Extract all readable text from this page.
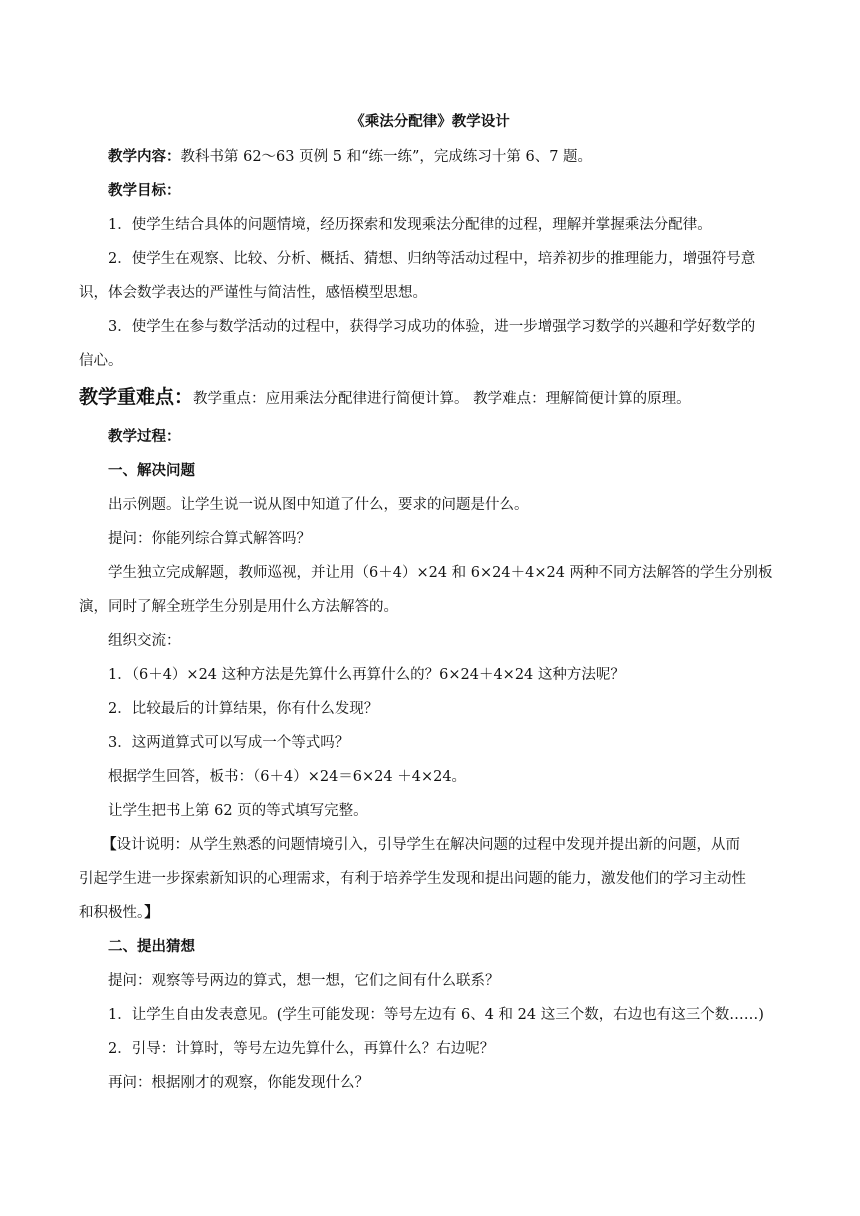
《乘法分配律》教学设计
教学内容：教科书第 62～63 页例 5 和“练一练”，完成练习十第 6、7 题。
教学目标：
1．使学生结合具体的问题情境，经历探索和发现乘法分配律的过程，理解并掌握乘法分配律。
2．使学生在观察、比较、分析、概括、猜想、归纳等活动过程中，培养初步的推理能力，增强符号意
识，体会数学表达的严谨性与简洁性，感悟模型思想。
3．使学生在参与数学活动的过程中，获得学习成功的体验，进一步增强学习数学的兴趣和学好数学的
信心。
教学重难点：教学重点：应用乘法分配律进行简便计算。 教学难点：理解简便计算的原理。
教学过程：
一、解决问题
出示例题。让学生说一说从图中知道了什么，要求的问题是什么。
提问：你能列综合算式解答吗？
学生独立完成解题，教师巡视，并让用（6＋4）×24 和 6×24＋4×24 两种不同方法解答的学生分别板
演，同时了解全班学生分别是用什么方法解答的。
组织交流：
1．（6＋4）×24 这种方法是先算什么再算什么的？6×24＋4×24 这种方法呢？
2．比较最后的计算结果，你有什么发现？
3．这两道算式可以写成一个等式吗？
根据学生回答，板书：（6＋4）×24＝6×24 ＋4×24。
让学生把书上第 62 页的等式填写完整。
【设计说明：从学生熟悉的问题情境引入，引导学生在解决问题的过程中发现并提出新的问题，从而
引起学生进一步探索新知识的心理需求，有利于培养学生发现和提出问题的能力，激发他们的学习主动性
和积极性。】
二、提出猜想
提问：观察等号两边的算式，想一想，它们之间有什么联系？
1．让学生自由发表意见。(学生可能发现：等号左边有 6、4 和 24 这三个数，右边也有这三个数……)
2．引导：计算时，等号左边先算什么，再算什么？右边呢？
再问：根据刚才的观察，你能发现什么？
